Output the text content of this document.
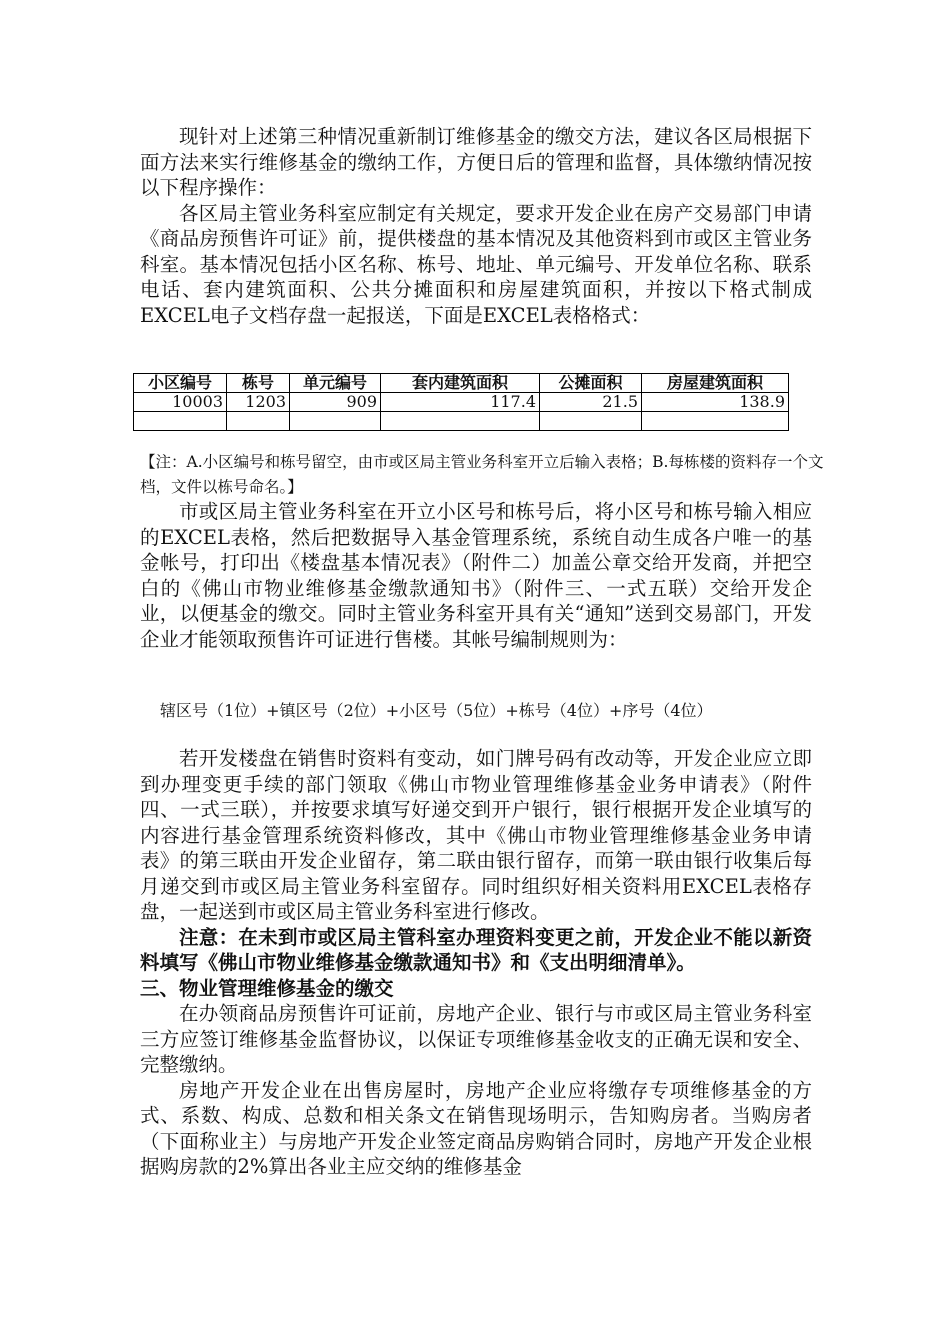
现针对上述第三种情况重新制订维修基金的缴交方法，建议各区局根据下面方法来实行维修基金的缴纳工作，方便日后的管理和监督，具体缴纳情况按以下程序操作：

各区局主管业务科室应制定有关规定，要求开发企业在房产交易部门申请《商品房预售许可证》前，提供楼盘的基本情况及其他资料到市或区主管业务科室。基本情况包括小区名称、栋号、地址、单元编号、开发单位名称、联系电话、套内建筑面积、公共分摊面积和房屋建筑面积，并按以下格式制成EXCEL电子文档存盘一起报送，下面是EXCEL表格格式：

小区编号	栋号	单元编号	套内建筑面积	公摊面积	房屋建筑面积
10003	1203	909	117.4	21.5	138.9

【注：A.小区编号和栋号留空，由市或区局主管业务科室开立后输入表格；B.每栋楼的资料存一个文档，文件以栋号命名。】

市或区局主管业务科室在开立小区号和栋号后，将小区号和栋号输入相应的EXCEL表格，然后把数据导入基金管理系统，系统自动生成各户唯一的基金帐号，打印出《楼盘基本情况表》（附件二）加盖公章交给开发商，并把空白的《佛山市物业维修基金缴款通知书》（附件三、一式五联）交给开发企业，以便基金的缴交。同时主管业务科室开具有关“通知”送到交易部门，开发企业才能领取预售许可证进行售楼。其帐号编制规则为：

辖区号（1位）+镇区号（2位）+小区号（5位）+栋号（4位）+序号（4位）

若开发楼盘在销售时资料有变动，如门牌号码有改动等，开发企业应立即到办理变更手续的部门领取《佛山市物业管理维修基金业务申请表》（附件四、一式三联），并按要求填写好递交到开户银行，银行根据开发企业填写的内容进行基金管理系统资料修改，其中《佛山市物业管理维修基金业务申请表》的第三联由开发企业留存，第二联由银行留存，而第一联由银行收集后每月递交到市或区局主管业务科室留存。同时组织好相关资料用EXCEL表格存盘，一起送到市或区局主管业务科室进行修改。

注意：在未到市或区局主管科室办理资料变更之前，开发企业不能以新资料填写《佛山市物业维修基金缴款通知书》和《支出明细清单》。

三、物业管理维修基金的缴交

在办领商品房预售许可证前，房地产企业、银行与市或区局主管业务科室三方应签订维修基金监督协议，以保证专项维修基金收支的正确无误和安全、完整缴纳。

房地产开发企业在出售房屋时，房地产企业应将缴存专项维修基金的方式、系数、构成、总数和相关条文在销售现场明示，告知购房者。当购房者（下面称业主）与房地产开发企业签定商品房购销合同时，房地产开发企业根据购房款的2%算出各业主应交纳的维修基金
